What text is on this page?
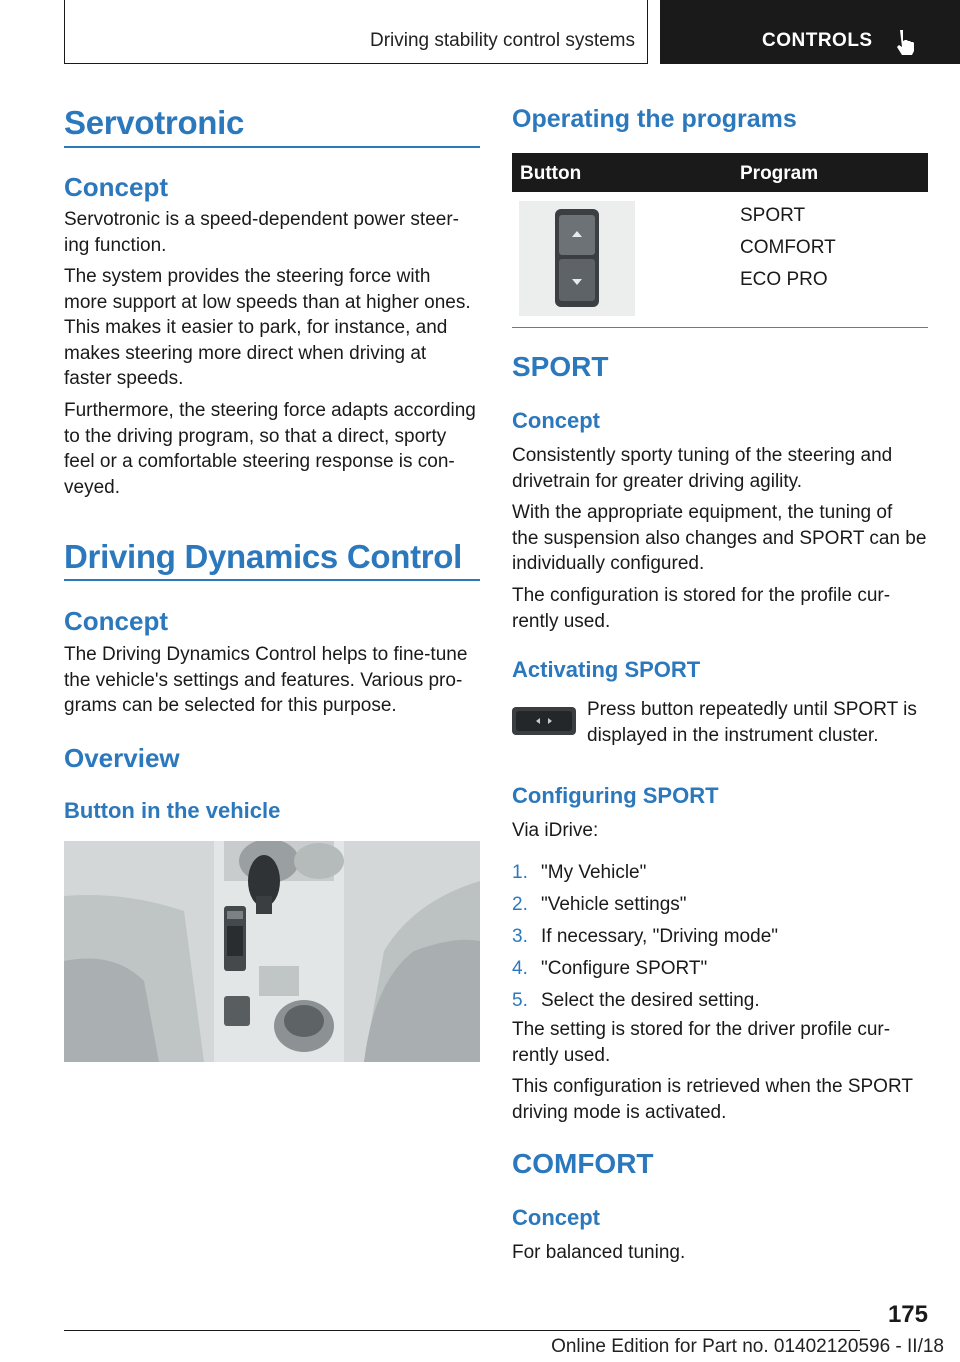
Driving stability control systems	CONTROLS
Servotronic
Concept
Servotronic is a speed-dependent power steer‐
ing function.
The system provides the steering force with
more support at low speeds than at higher ones.
This makes it easier to park, for instance, and
makes steering more direct when driving at
faster speeds.
Furthermore, the steering force adapts according
to the driving program, so that a direct, sporty
feel or a comfortable steering response is con‐
veyed.
Driving Dynamics Control
Concept
The Driving Dynamics Control helps to fine-tune
the vehicle's settings and features. Various pro‐
grams can be selected for this purpose.
Overview
Button in the vehicle
Operating the programs
Button	Program
SPORT
COMFORT
ECO PRO
SPORT
Concept
Consistently sporty tuning of the steering and
drivetrain for greater driving agility.
With the appropriate equipment, the tuning of
the suspension also changes and SPORT can be
individually configured.
The configuration is stored for the profile cur‐
rently used.
Activating SPORT
Press button repeatedly until SPORT is
displayed in the instrument cluster.
Configuring SPORT
Via iDrive:
1. "My Vehicle"
2. "Vehicle settings"
3. If necessary, "Driving mode"
4. "Configure SPORT"
5. Select the desired setting.
The setting is stored for the driver profile cur‐
rently used.
This configuration is retrieved when the SPORT
driving mode is activated.
COMFORT
Concept
For balanced tuning.
175
Online Edition for Part no. 01402120596 - II/18
